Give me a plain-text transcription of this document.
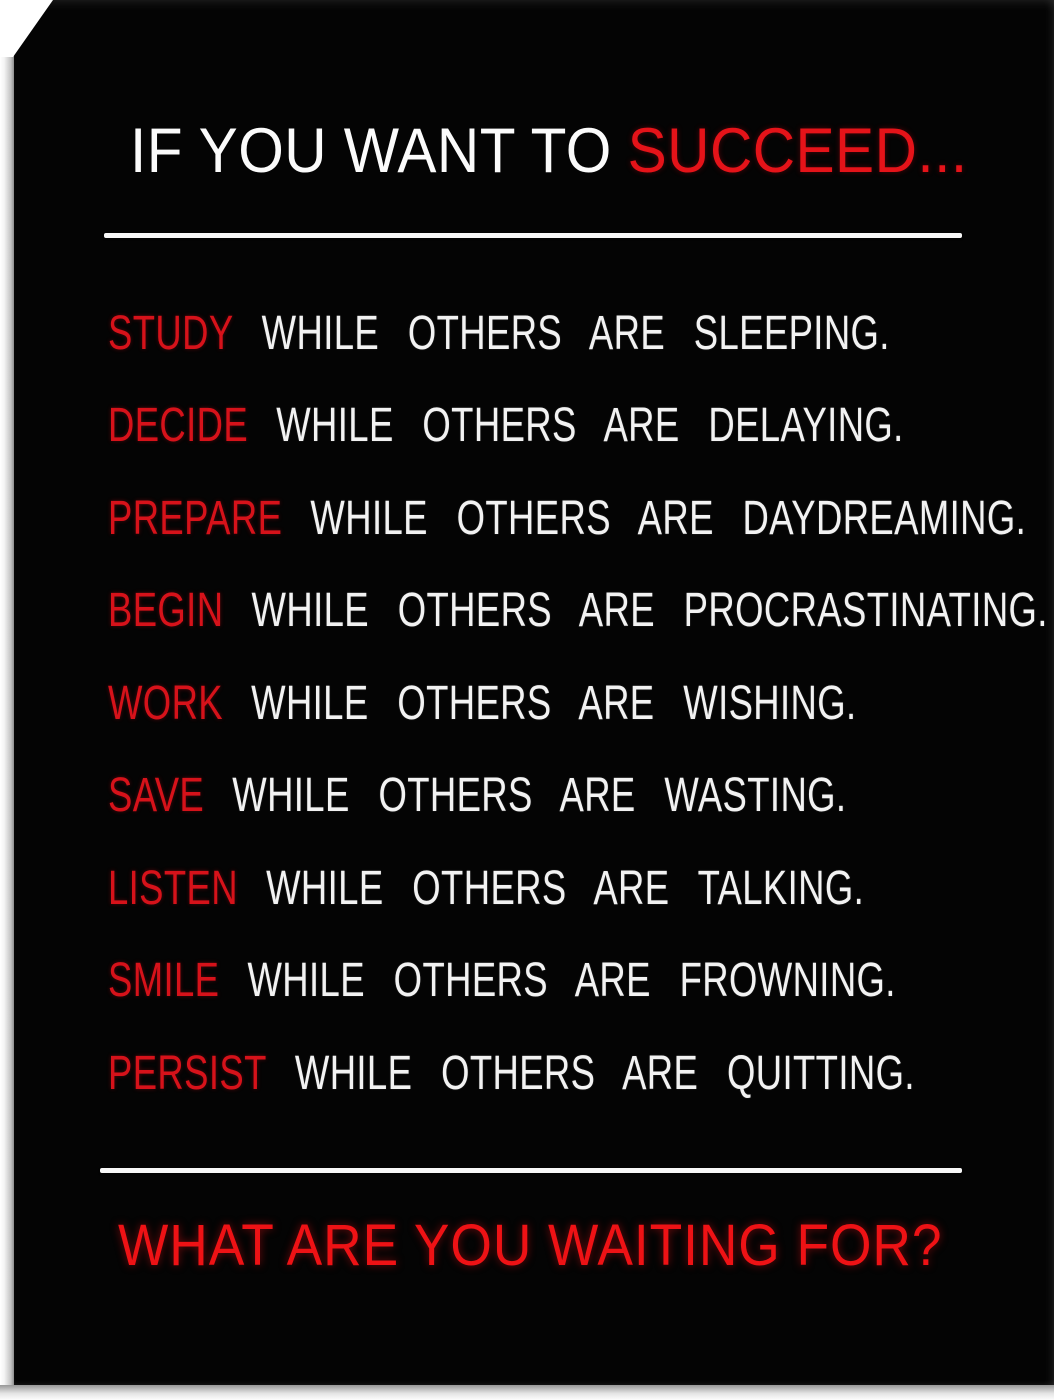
IF YOU WANT TO SUCCEED...
STUDY WHILE OTHERS ARE SLEEPING.
DECIDE WHILE OTHERS ARE DELAYING.
PREPARE WHILE OTHERS ARE DAYDREAMING.
BEGIN WHILE OTHERS ARE PROCRASTINATING.
WORK WHILE OTHERS ARE WISHING.
SAVE WHILE OTHERS ARE WASTING.
LISTEN WHILE OTHERS ARE TALKING.
SMILE WHILE OTHERS ARE FROWNING.
PERSIST WHILE OTHERS ARE QUITTING.
WHAT ARE YOU WAITING FOR?
